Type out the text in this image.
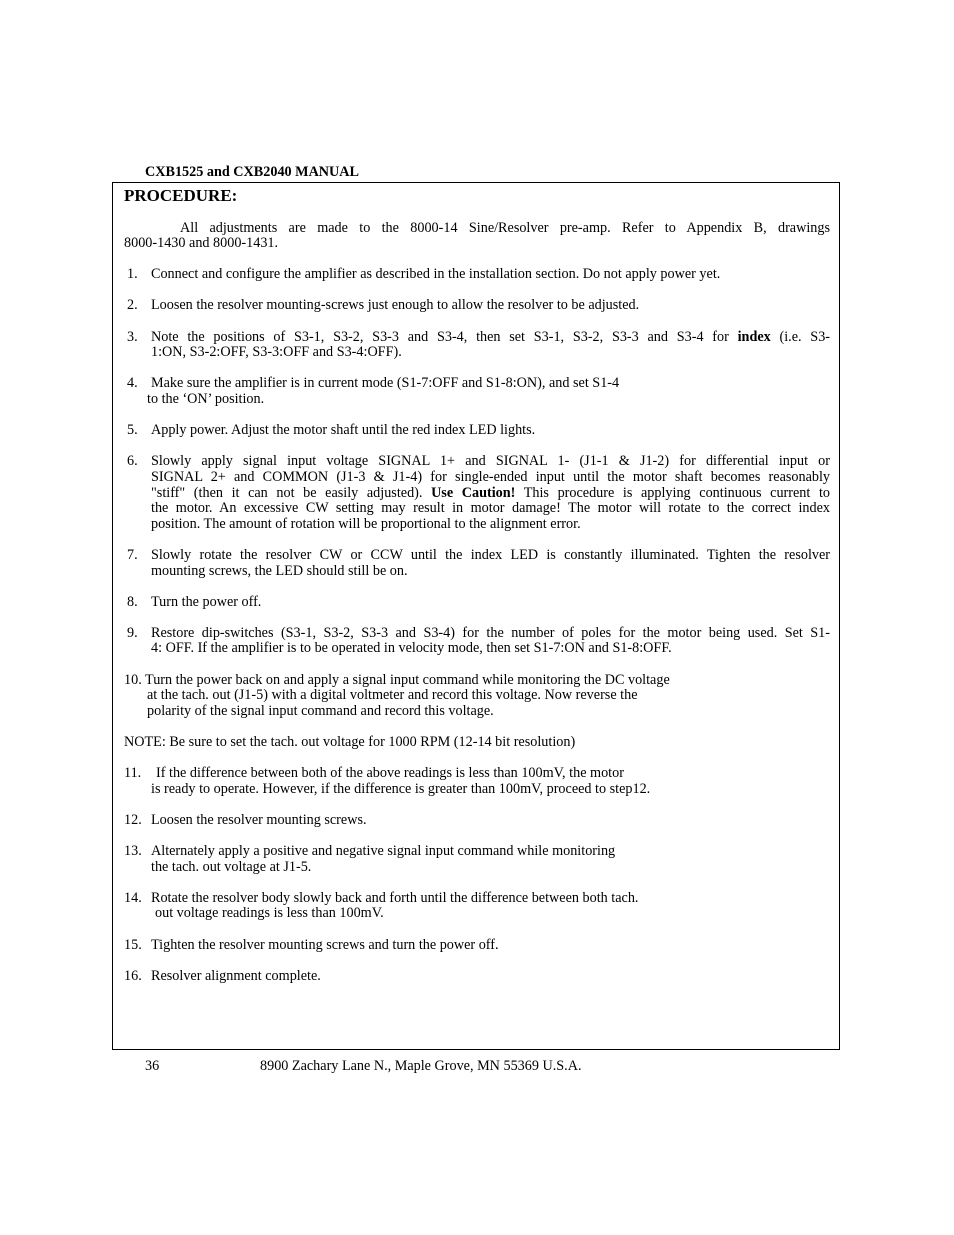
CXB1525 and CXB2040 MANUAL
PROCEDURE:
All adjustments are made to the 8000-14 Sine/Resolver pre-amp. Refer to Appendix B, drawings
8000-1430 and 8000-1431.
1. Connect and configure the amplifier as described in the installation section. Do not apply power yet.
2. Loosen the resolver mounting-screws just enough to allow the resolver to be adjusted.
3. Note the positions of S3-1, S3-2, S3-3 and S3-4, then set S3-1, S3-2, S3-3 and S3-4 for index (i.e. S3-
1:ON, S3-2:OFF, S3-3:OFF and S3-4:OFF).
4. Make sure the amplifier is in current mode (S1-7:OFF and S1-8:ON), and set S1-4
to the ‘ON’ position.
5. Apply power. Adjust the motor shaft until the red index LED lights.
6. Slowly apply signal input voltage SIGNAL 1+ and SIGNAL 1- (J1-1 & J1-2) for differential input or
SIGNAL 2+ and COMMON (J1-3 & J1-4) for single-ended input until the motor shaft becomes reasonably
"stiff" (then it can not be easily adjusted). Use Caution! This procedure is applying continuous current to
the motor. An excessive CW setting may result in motor damage! The motor will rotate to the correct index
position. The amount of rotation will be proportional to the alignment error.
7. Slowly rotate the resolver CW or CCW until the index LED is constantly illuminated. Tighten the resolver
mounting screws, the LED should still be on.
8. Turn the power off.
9. Restore dip-switches (S3-1, S3-2, S3-3 and S3-4) for the number of poles for the motor being used. Set S1-
4: OFF. If the amplifier is to be operated in velocity mode, then set S1-7:ON and S1-8:OFF.
10. Turn the power back on and apply a signal input command while monitoring the DC voltage
at the tach. out (J1-5) with a digital voltmeter and record this voltage. Now reverse the
polarity of the signal input command and record this voltage.
NOTE: Be sure to set the tach. out voltage for 1000 RPM (12-14 bit resolution)
11. If the difference between both of the above readings is less than 100mV, the motor
is ready to operate. However, if the difference is greater than 100mV, proceed to step12.
12. Loosen the resolver mounting screws.
13. Alternately apply a positive and negative signal input command while monitoring
the tach. out voltage at J1-5.
14. Rotate the resolver body slowly back and forth until the difference between both tach.
out voltage readings is less than 100mV.
15. Tighten the resolver mounting screws and turn the power off.
16. Resolver alignment complete.
36	8900 Zachary Lane N., Maple Grove, MN 55369 U.S.A.
